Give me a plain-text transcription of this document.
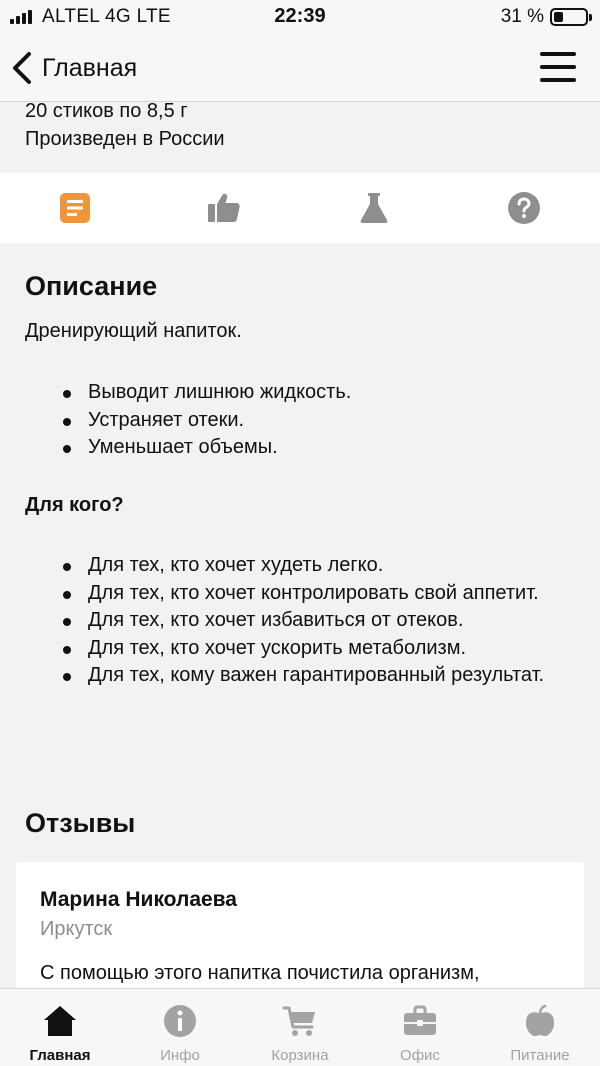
ALTEL 4G LTE	22:39	31 %
Главная
20 стиков по 8,5 г
Произведен в России
Описание

Дренирующий напиток.

Выводит лишнюю жидкость.
Устраняет отеки.
Уменьшает объемы.
Для кого?
Для тех, кто хочет худеть легко.
Для тех, кто хочет контролировать свой аппетит.
Для тех, кто хочет избавиться от отеков.
Для тех, кто хочет ускорить метаболизм.
Для тех, кому важен гарантированный результат.
Отзывы
Марина Николаева
Иркутск
С помощью этого напитка почистила организм,
Главная	Инфо	Корзина	Офис	Питание
